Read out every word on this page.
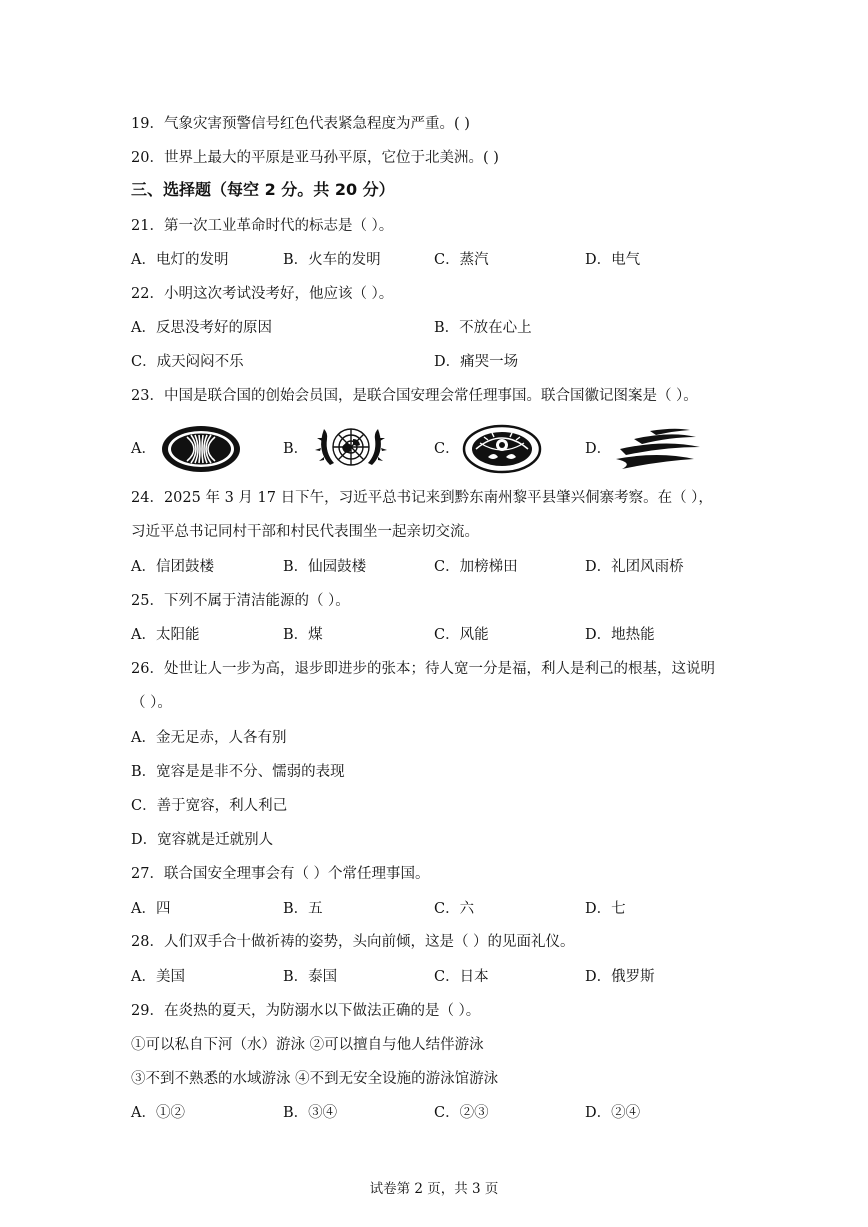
19．气象灾害预警信号红色代表紧急程度为严重。( )
20．世界上最大的平原是亚马孙平原，它位于北美洲。( )
三、选择题（每空 2 分。共 20 分）
21．第一次工业革命时代的标志是（ ）。
A．电灯的发明	B．火车的发明	C．蒸汽	D．电气
22．小明这次考试没考好，他应该（ ）。
A．反思没考好的原因	B．不放在心上
C．成天闷闷不乐	D．痛哭一场
23．中国是联合国的创始会员国，是联合国安理会常任理事国。联合国徽记图案是（ ）。
A．	B．	C．	D．
24．2025 年 3 月 17 日下午，习近平总书记来到黔东南州黎平县肇兴侗寨考察。在（ ），
习近平总书记同村干部和村民代表围坐一起亲切交流。
A．信团鼓楼	B．仙园鼓楼	C．加榜梯田	D．礼团风雨桥
25．下列不属于清洁能源的（ ）。
A．太阳能	B．煤	C．风能	D．地热能
26．处世让人一步为高，退步即进步的张本；待人宽一分是福，利人是利己的根基，这说明
（ ）。
A．金无足赤，人各有别
B．宽容是是非不分、懦弱的表现
C．善于宽容，利人利己
D．宽容就是迁就别人
27．联合国安全理事会有（ ）个常任理事国。
A．四	B．五	C．六	D．七
28．人们双手合十做祈祷的姿势，头向前倾，这是（ ）的见面礼仪。
A．美国	B．泰国	C．日本	D．俄罗斯
29．在炎热的夏天，为防溺水以下做法正确的是（ ）。
①可以私自下河（水）游泳 ②可以擅自与他人结伴游泳
③不到不熟悉的水域游泳 ④不到无安全设施的游泳馆游泳
A．①②	B．③④	C．②③	D．②④
试卷第 2 页，共 3 页
